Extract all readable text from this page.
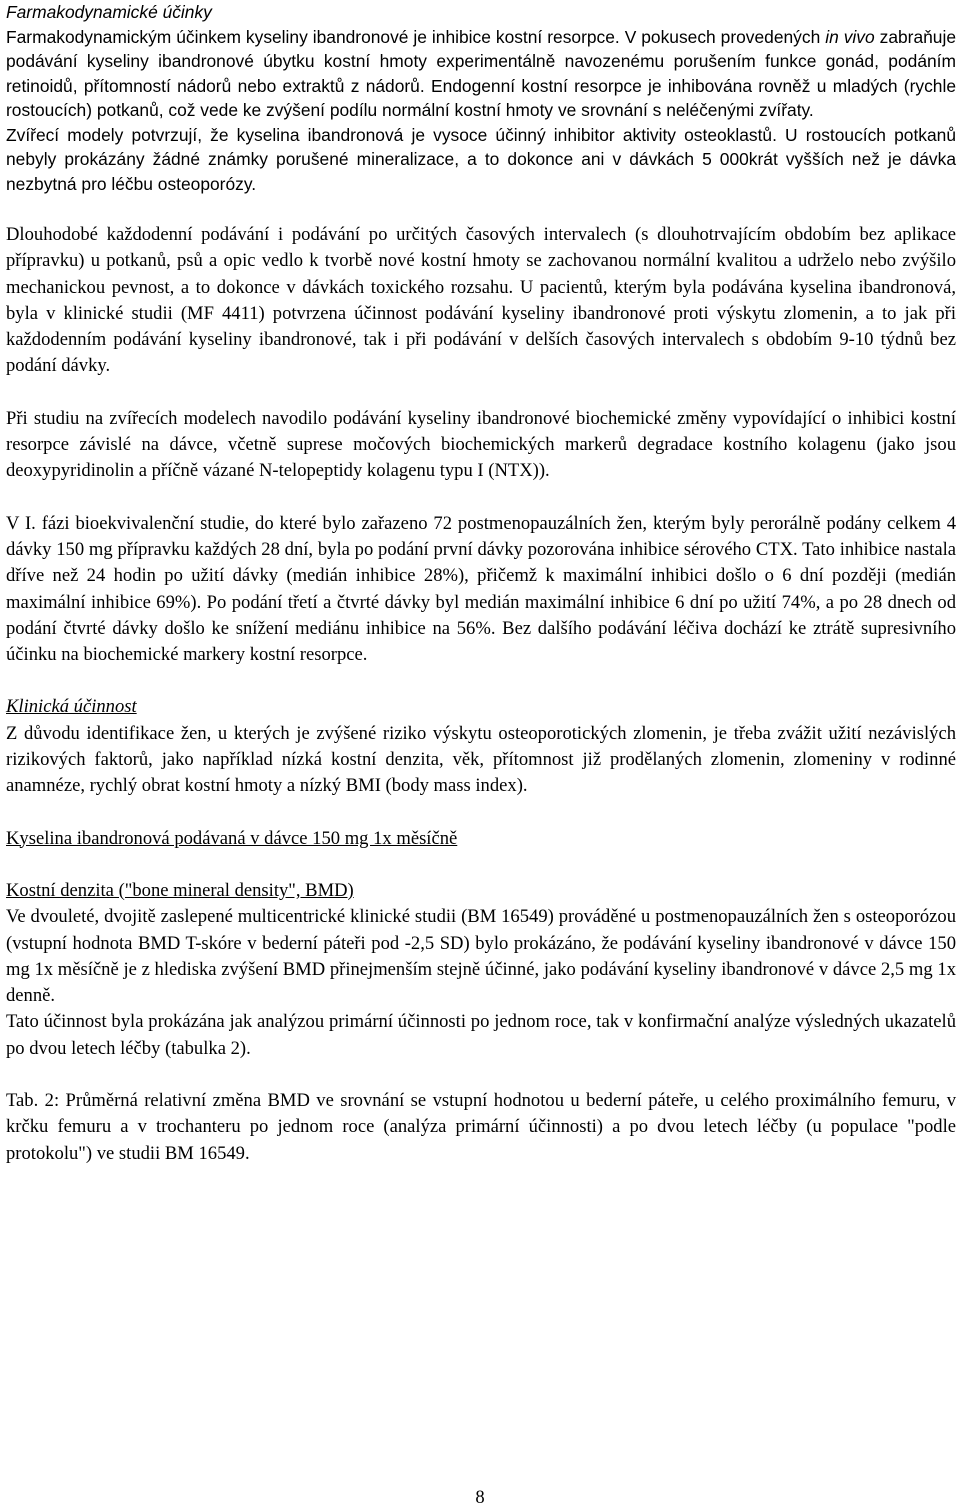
Farmakodynamické účinky

Farmakodynamickým účinkem kyseliny ibandronové je inhibice kostní resorpce. V pokusech provedených in vivo zabraňuje podávání kyseliny ibandronové úbytku kostní hmoty experimentálně navozenému porušením funkce gonád, podáním retinoidů, přítomností nádorů nebo extraktů z nádorů. Endogenní kostní resorpce je inhibována rovněž u mladých (rychle rostoucích) potkanů, což vede ke zvýšení podílu normální kostní hmoty ve srovnání s neléčenými zvířaty.

Zvířecí modely potvrzují, že kyselina ibandronová je vysoce účinný inhibitor aktivity osteoklastů. U rostoucích potkanů nebyly prokázány žádné známky porušené mineralizace, a to dokonce ani v dávkách 5 000krát vyšších než je dávka nezbytná pro léčbu osteoporózy.

Dlouhodobé každodenní podávání i podávání po určitých časových intervalech (s dlouhotrvajícím obdobím bez aplikace přípravku) u potkanů, psů a opic vedlo k tvorbě nové kostní hmoty se zachovanou normální kvalitou a udrželo nebo zvýšilo mechanickou pevnost, a to dokonce v dávkách toxického rozsahu. U pacientů, kterým byla podávána kyselina ibandronová, byla v klinické studii (MF 4411) potvrzena účinnost podávání kyseliny ibandronové proti výskytu zlomenin, a to jak při každodenním podávání kyseliny ibandronové, tak i při podávání v delších časových intervalech s obdobím 9-10 týdnů bez podání dávky.

Při studiu na zvířecích modelech navodilo podávání kyseliny ibandronové biochemické změny vypovídající o inhibici kostní resorpce závislé na dávce, včetně suprese močových biochemických markerů degradace kostního kolagenu (jako jsou deoxypyridinolin a příčně vázané N-telopeptidy kolagenu typu I (NTX)).

V I. fázi bioekvivalenční studie, do které bylo zařazeno 72 postmenopauzálních žen, kterým byly perorálně podány celkem 4 dávky 150 mg přípravku každých 28 dní, byla po podání první dávky pozorována inhibice sérového CTX. Tato inhibice nastala dříve než 24 hodin po užití dávky (medián inhibice 28%), přičemž k maximální inhibici došlo o 6 dní později (medián maximální inhibice 69%). Po podání třetí a čtvrté dávky byl medián maximální inhibice 6 dní po užití 74%, a po 28 dnech od podání čtvrté dávky došlo ke snížení mediánu inhibice na 56%. Bez dalšího podávání léčiva dochází ke ztrátě supresivního účinku na biochemické markery kostní resorpce.

Klinická účinnost

Z důvodu identifikace žen, u kterých je zvýšené riziko výskytu osteoporotických zlomenin, je třeba zvážit užití nezávislých rizikových faktorů, jako například nízká kostní denzita, věk, přítomnost již prodělaných zlomenin, zlomeniny v rodinné anamnéze, rychlý obrat kostní hmoty a nízký BMI (body mass index).

Kyselina ibandronová podávaná v dávce 150 mg 1x měsíčně

Kostní denzita ("bone mineral density", BMD)

Ve dvouleté, dvojitě zaslepené multicentrické klinické studii (BM 16549) prováděné u postmenopauzálních žen s osteoporózou (vstupní hodnota BMD T-skóre v bederní páteři pod -2,5 SD) bylo prokázáno, že podávání kyseliny ibandronové v dávce 150 mg 1x měsíčně je z hlediska zvýšení BMD přinejmenším stejně účinné, jako podávání kyseliny ibandronové v dávce 2,5 mg 1x denně.

Tato účinnost byla prokázána jak analýzou primární účinnosti po jednom roce, tak v konfirmační analýze výsledných ukazatelů po dvou letech léčby (tabulka 2).

Tab. 2: Průměrná relativní změna BMD ve srovnání se vstupní hodnotou u bederní páteře, u celého proximálního femuru, v krčku femuru a v trochanteru po jednom roce (analýza primární účinnosti) a po dvou letech léčby (u populace "podle protokolu") ve studii BM 16549.

8
